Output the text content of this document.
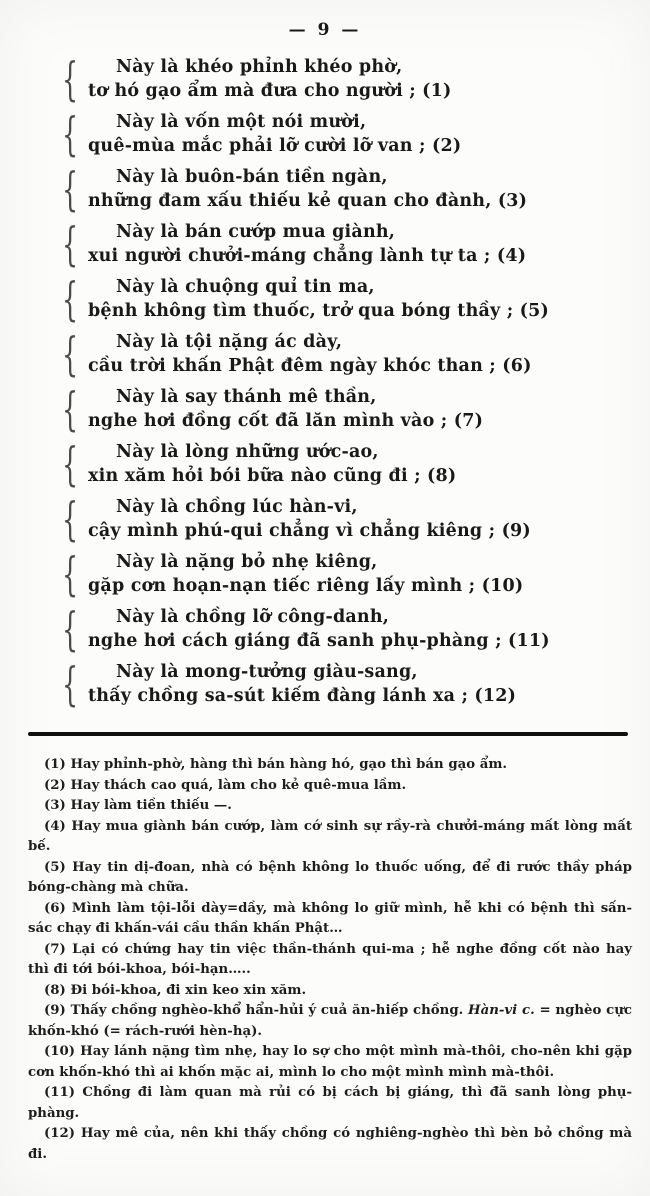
— 9 —
{	Này là khéo phỉnh khéo phờ,
tơ hó gạo ẩm mà đưa cho người ; (1)
{	Này là vốn một nói mười,
quê-mùa mắc phải lỡ cười lỡ van ; (2)
{	Này là buôn-bán tiền ngàn,
những đam xấu thiếu kẻ quan cho đành, (3)
{	Này là bán cướp mua giành,
xui người chưởi-máng chẳng lành tự ta ; (4)
{	Này là chuộng quỉ tin ma,
bệnh không tìm thuốc, trở qua bóng thầy ; (5)
{	Này là tội nặng ác dày,
cầu trời khấn Phật đêm ngày khóc than ; (6)
{	Này là say thánh mê thần,
nghe hơi đồng cốt đã lăn mình vào ; (7)
{	Này là lòng những ước-ao,
xin xăm hỏi bói bữa nào cũng đi ; (8)
{	Này là chồng lúc hàn-vi,
cậy mình phú-qui chẳng vì chẳng kiêng ; (9)
{	Này là nặng bỏ nhẹ kiêng,
gặp cơn hoạn-nạn tiếc riêng lấy mình ; (10)
{	Này là chồng lỡ công-danh,
nghe hơi cách giáng đã sanh phụ-phàng ; (11)
{	Này là mong-tưởng giàu-sang,
thấy chồng sa-sút kiếm đàng lánh xa ; (12)

(1) Hay phỉnh-phờ, hàng thì bán hàng hó, gạo thì bán gạo ẩm.

(2) Hay thách cao quá, làm cho kẻ quê-mua lầm.

(3) Hay làm tiền thiếu —.

(4) Hay mua giành bán cướp, làm cớ sinh sự rầy-rà chưởi-máng mất lòng mất bế.

(5) Hay tin dị-đoan, nhà có bệnh không lo thuốc uống, để đi rước thầy pháp bóng-chàng mà chữa.

(6) Mình làm tội-lỗi dày=dầy, mà không lo giữ mình, hễ khi có bệnh thì sấn-sác chạy đi khấn-vái cầu thần khấn Phật…

(7) Lại có chứng hay tin việc thần-thánh qui-ma ; hễ nghe đồng cốt nào hay thì đi tới bói-khoa, bói-hạn…..

(8) Đi bói-khoa, đi xin keo xin xăm.

(9) Thấy chồng nghèo-khổ hẩn-hủi ý cuả ăn-hiếp chồng. Hàn-vi c. = nghèo cực khốn-khó (= rách-rưới hèn-hạ).

(10) Hay lánh nặng tìm nhẹ, hay lo sợ cho một mình mà-thôi, cho-nên khi gặp cơn khốn-khó thì ai khốn mặc ai, mình lo cho một mình mình mà-thôi.

(11) Chồng đi làm quan mà rủi có bị cách bị giáng, thì đã sanh lòng phụ-phàng.

(12) Hay mê của, nên khi thấy chồng có nghiêng-nghèo thì bèn bỏ chồng mà đi.
